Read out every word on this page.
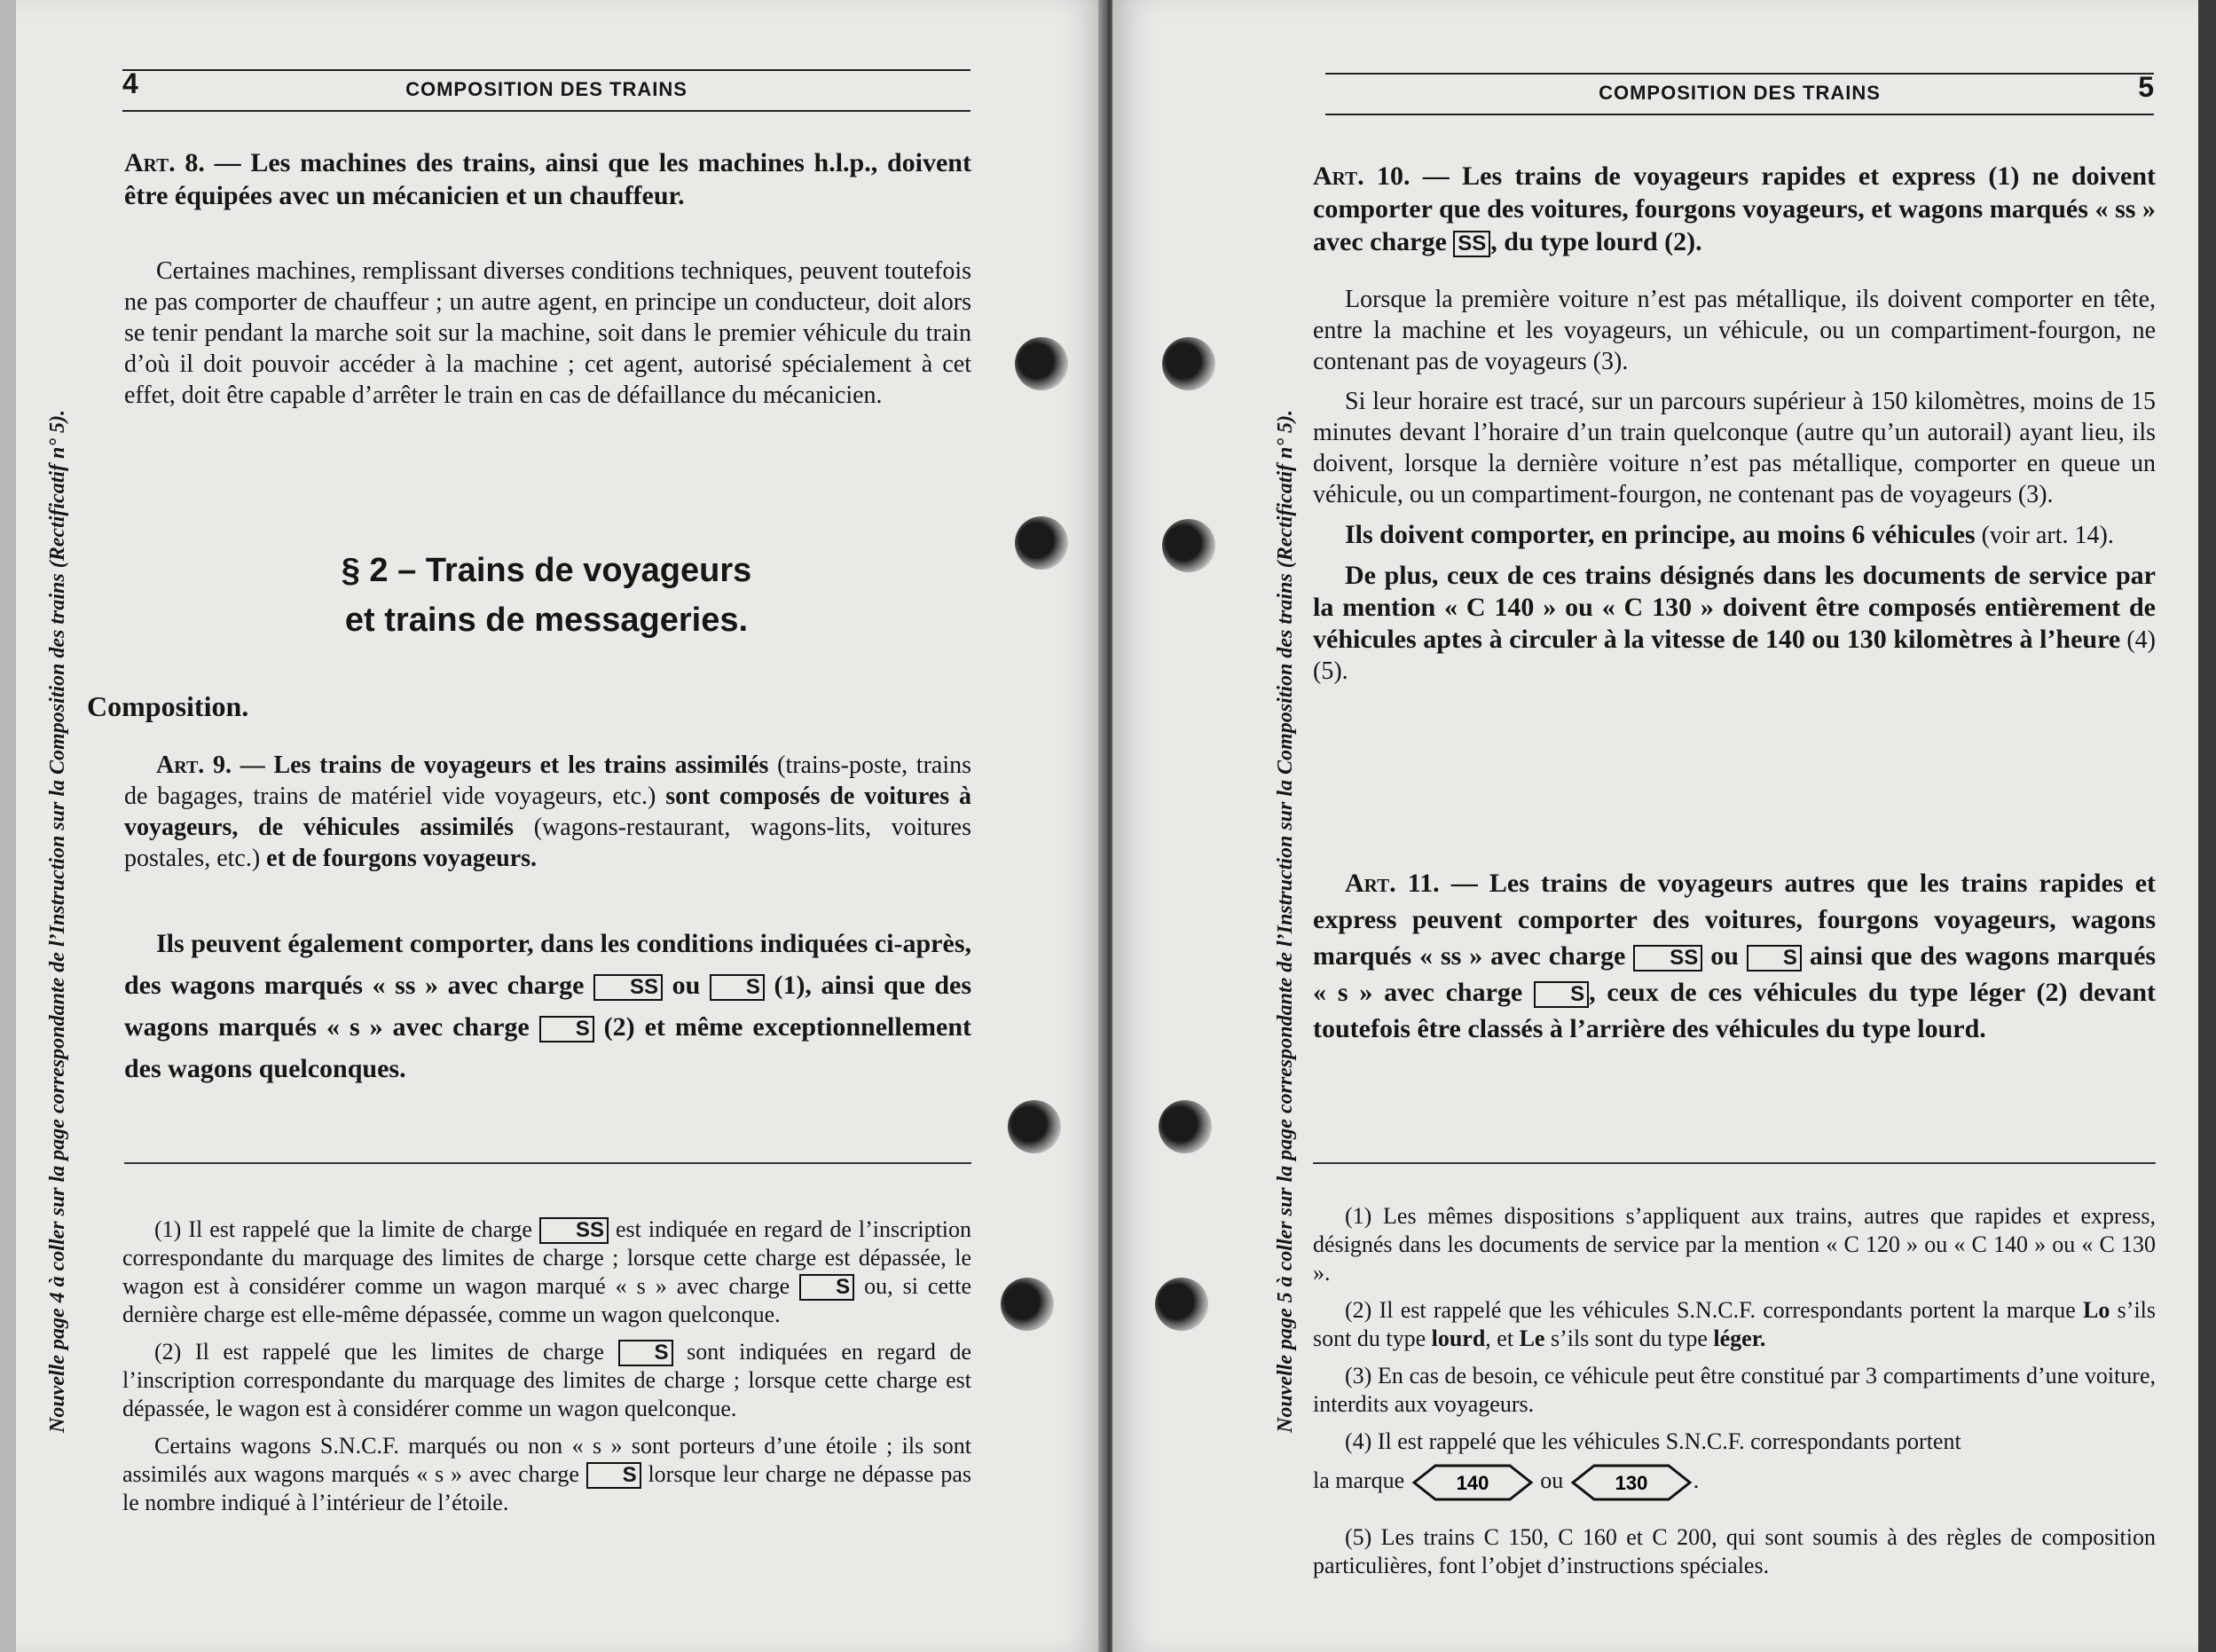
4	COMPOSITION DES TRAINS
Nouvelle page 4 à coller sur la page correspondante de l’Instruction sur la Composition des trains (Rectificatif n° 5).
Art. 8. — Les machines des trains, ainsi que les machines h.l.p., doivent être équipées avec un mécanicien et un chauffeur.

Certaines machines, remplissant diverses conditions techniques, peuvent toutefois ne pas comporter de chauffeur ; un autre agent, en principe un conducteur, doit alors se tenir pendant la marche soit sur la machine, soit dans le premier véhicule du train d’où il doit pouvoir accéder à la machine ; cet agent, autorisé spécialement à cet effet, doit être capable d’arrêter le train en cas de défaillance du mécanicien.

§ 2 – Trains de voyageurs
et trains de messageries.
Composition.

Art. 9. — Les trains de voyageurs et les trains assimilés (trains-poste, trains de bagages, trains de matériel vide voyageurs, etc.) sont composés de voitures à voyageurs, de véhicules assimilés (wagons-restaurant, wagons-lits, voitures postales, etc.) et de fourgons voyageurs.

Ils peuvent également comporter, dans les conditions indiquées ci-après, des wagons marqués « ss » avec charge SS ou S (1), ainsi que des wagons marqués « s » avec charge S (2) et même exceptionnellement des wagons quelconques.

(1) Il est rappelé que la limite de charge SS est indiquée en regard de l’inscription correspondante du marquage des limites de charge ; lorsque cette charge est dépassée, le wagon est à considérer comme un wagon marqué « s » avec charge S ou, si cette dernière charge est elle-même dépassée, comme un wagon quelconque.

(2) Il est rappelé que les limites de charge S sont indiquées en regard de l’inscription correspondante du marquage des limites de charge ; lorsque cette charge est dépassée, le wagon est à considérer comme un wagon quelconque.

Certains wagons S.N.C.F. marqués ou non « s » sont porteurs d’une étoile ; ils sont assimilés aux wagons marqués « s » avec charge S lorsque leur charge ne dépasse pas le nombre indiqué à l’intérieur de l’étoile.

COMPOSITION DES TRAINS	5
Nouvelle page 5 à coller sur la page correspondante de l’Instruction sur la Composition des trains (Rectificatif n° 5).
Art. 10. — Les trains de voyageurs rapides et express (1) ne doivent comporter que des voitures, fourgons voyageurs, et wagons marqués « ss » avec charge SS , du type lourd (2).

Lorsque la première voiture n’est pas métallique, ils doivent comporter en tête, entre la machine et les voyageurs, un véhicule, ou un compartiment-fourgon, ne contenant pas de voyageurs (3).

Si leur horaire est tracé, sur un parcours supérieur à 150 kilomètres, moins de 15 minutes devant l’horaire d’un train quelconque (autre qu’un autorail) ayant lieu, ils doivent, lorsque la dernière voiture n’est pas métallique, comporter en queue un véhicule, ou un compartiment-fourgon, ne contenant pas de voyageurs (3).

Ils doivent comporter, en principe, au moins 6 véhicules (voir art. 14).

De plus, ceux de ces trains désignés dans les documents de service par la mention « C 140 » ou « C 130 » doivent être composés entièrement de véhicules aptes à circuler à la vitesse de 140 ou 130 kilomètres à l’heure (4) (5).

Art. 11. — Les trains de voyageurs autres que les trains rapides et express peuvent comporter des voitures, fourgons voyageurs, wagons marqués « ss » avec charge SS ou S ainsi que des wagons marqués « s » avec charge S , ceux de ces véhicules du type léger (2) devant toutefois être classés à l’arrière des véhicules du type lourd.

(1) Les mêmes dispositions s’appliquent aux trains, autres que rapides et express, désignés dans les documents de service par la mention « C 120 » ou « C 140 » ou « C 130 ».

(2) Il est rappelé que les véhicules S.N.C.F. correspondants portent la marque Lo s’ils sont du type lourd, et Le s’ils sont du type léger.

(3) En cas de besoin, ce véhicule peut être constitué par 3 compartiments d’une voiture, interdits aux voyageurs.

(4) Il est rappelé que les véhicules S.N.C.F. correspondants portent

la marque	140 ou	130 .

(5) Les trains C 150, C 160 et C 200, qui sont soumis à des règles de composition particulières, font l’objet d’instructions spéciales.
